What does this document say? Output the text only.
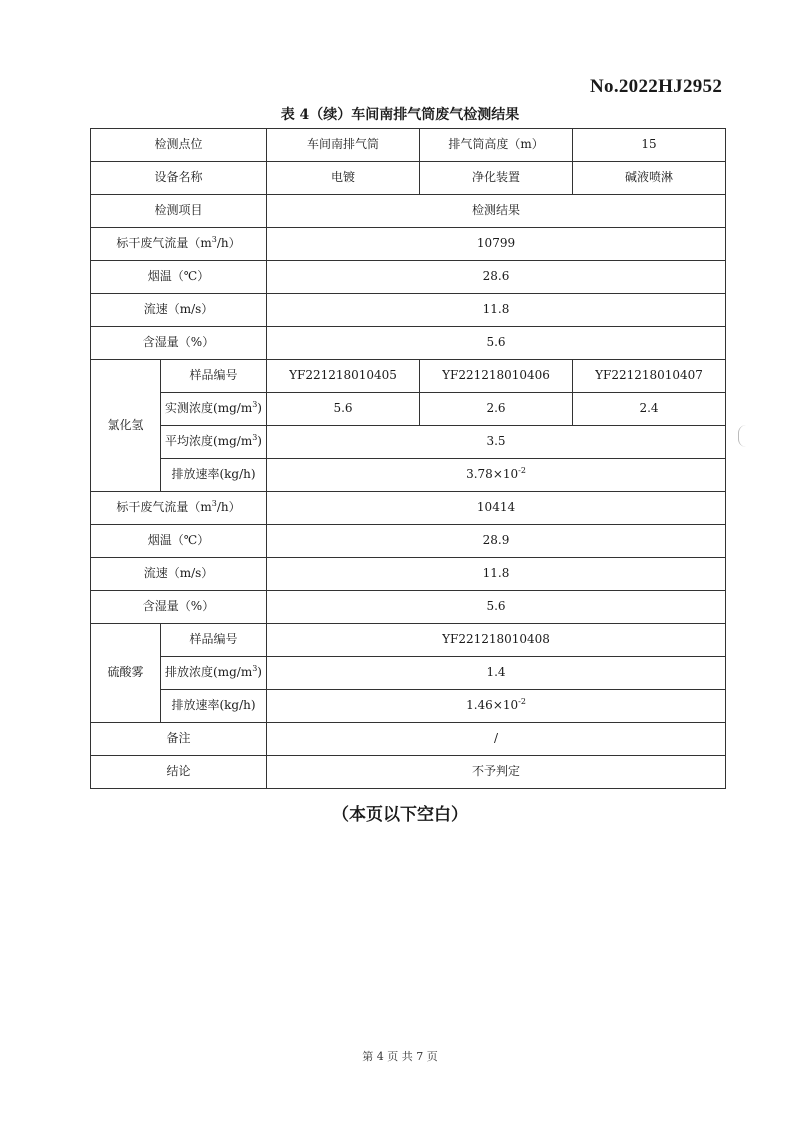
No.2022HJ2952
表 4（续）车间南排气筒废气检测结果
检测点位		车间南排气筒	排气筒高度（m）	15
设备名称		电镀	净化装置	碱液喷淋
检测项目		检测结果		
标干废气流量$(m^3/h)$		10799		
烟温（℃）		28.6		
流速（m/s）		11.8		
含湿量（%）		5.6		
氯化氢	样品编号	YF221218010405	YF221218010406	YF221218010407
	实测浓度$(mg/m^3)$	5.6	2.6	2.4
	平均浓度$(mg/m^3)$	3.5		
	排放速率(kg/h)	$3.78\times 10^{-2}$
标干废气流量$(m^3/h)$		10414		
烟温（℃）		28.9		
流速（m/s）		11.8		
含湿量（%）		5.6		
硫酸雾	样品编号	YF221218010408		
	排放浓度$(mg/m^3)$	1.4		
	排放速率(kg/h)	$1.46\times 10^{-2}$
备注		/		
结论		不予判定		
（本页以下空白）
第 4 页 共 7 页
